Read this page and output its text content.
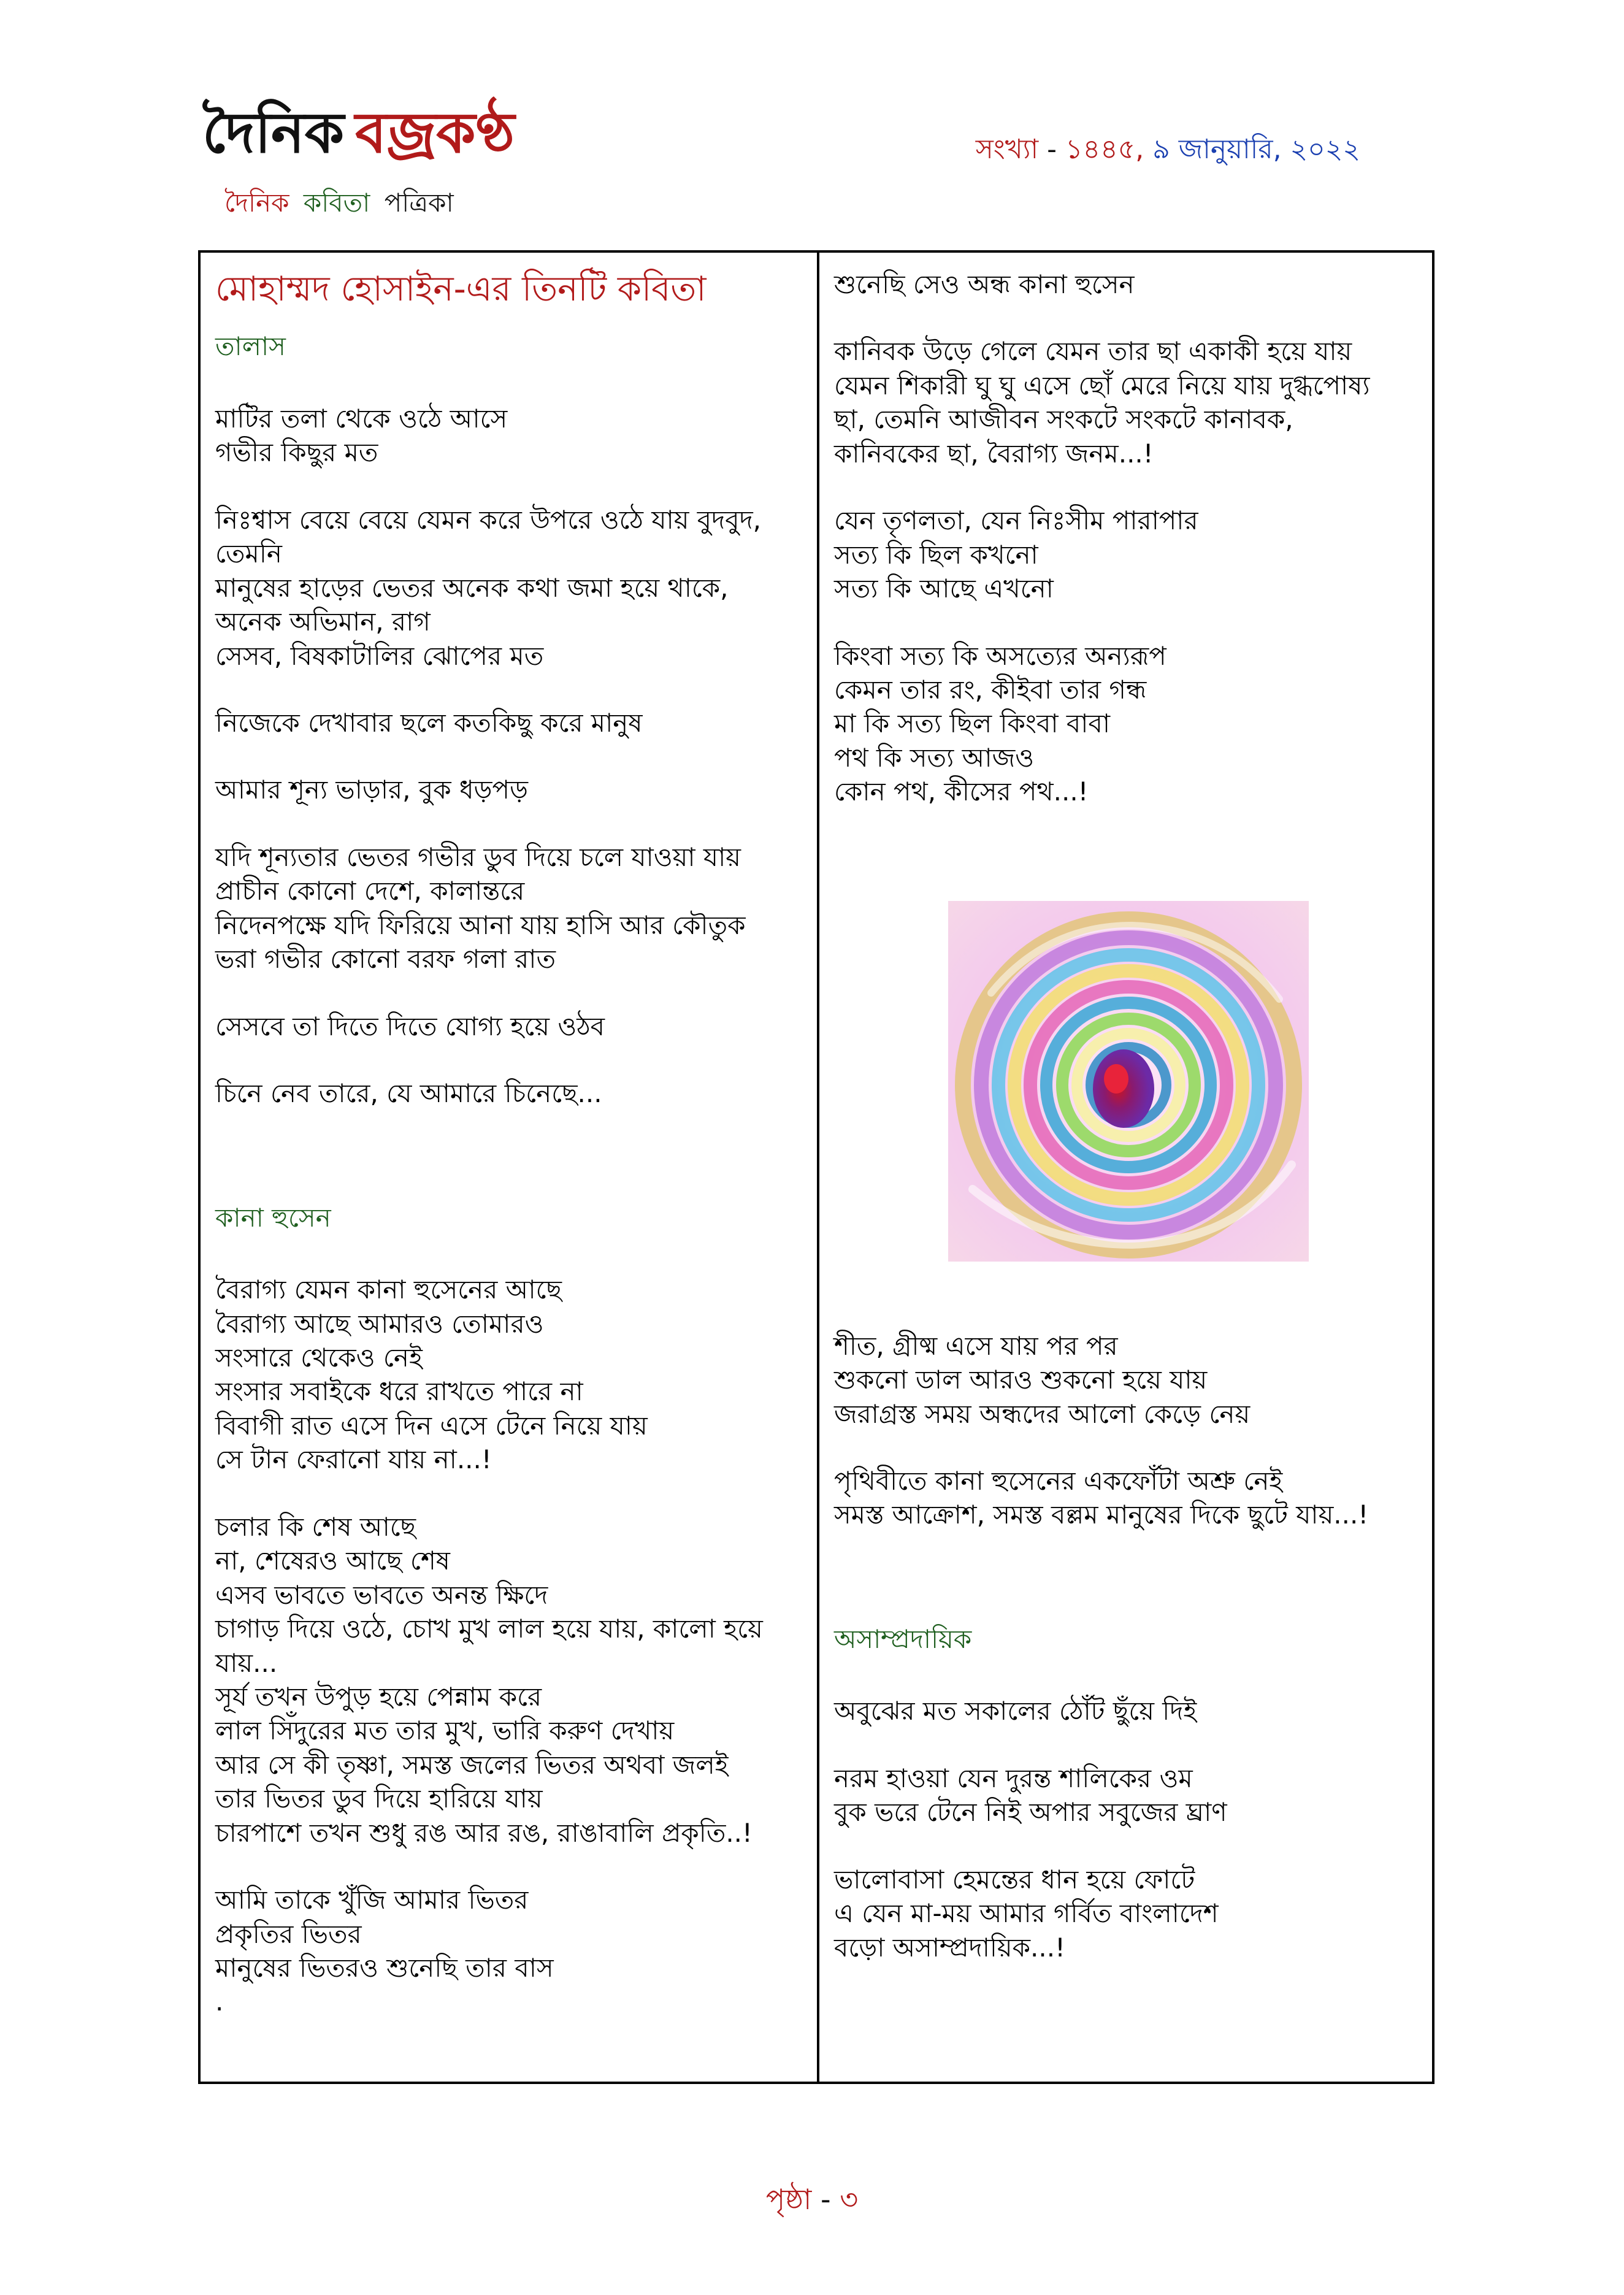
দৈনিক বজ্রকণ্ঠ
দৈনিক কবিতা পত্রিকা
সংখ্যা - ১৪৪৫, ৯ জানুয়ারি, ২০২২
মোহাম্মদ হোসাইন-এর তিনটি কবিতা
তালাস
মাটির তলা থেকে ওঠে আসে
গভীর কিছুর মত
নিঃশ্বাস বেয়ে বেয়ে যেমন করে উপরে ওঠে যায় বুদবুদ,
তেমনি
মানুষের হাড়ের ভেতর অনেক কথা জমা হয়ে থাকে,
অনেক অভিমান, রাগ
সেসব, বিষকাটালির ঝোপের মত
নিজেকে দেখাবার ছলে কতকিছু করে মানুষ
আমার শূন্য ভাড়ার, বুক ধড়পড়
যদি শূন্যতার ভেতর গভীর ডুব দিয়ে চলে যাওয়া যায়
প্রাচীন কোনো দেশে, কালান্তরে
নিদেনপক্ষে যদি ফিরিয়ে আনা যায় হাসি আর কৌতুক
ভরা গভীর কোনো বরফ গলা রাত
সেসবে তা দিতে দিতে যোগ্য হয়ে ওঠব
চিনে নেব তারে, যে আমারে চিনেছে...
কানা হুসেন
বৈরাগ্য যেমন কানা হুসেনের আছে
বৈরাগ্য আছে আমারও তোমারও
সংসারে থেকেও নেই
সংসার সবাইকে ধরে রাখতে পারে না
বিবাগী রাত এসে দিন এসে টেনে নিয়ে যায়
সে টান ফেরানো যায় না...!
চলার কি শেষ আছে
না, শেষেরও আছে শেষ
এসব ভাবতে ভাবতে অনন্ত ক্ষিদে
চাগাড় দিয়ে ওঠে, চোখ মুখ লাল হয়ে যায়, কালো হয়ে
যায়...
সূর্য তখন উপুড় হয়ে পেন্নাম করে
লাল সিঁদুরের মত তার মুখ, ভারি করুণ দেখায়
আর সে কী তৃষ্ণা, সমস্ত জলের ভিতর অথবা জলই
তার ভিতর ডুব দিয়ে হারিয়ে যায়
চারপাশে তখন শুধু রঙ আর রঙ, রাঙাবালি প্রকৃতি..!
আমি তাকে খুঁজি আমার ভিতর
প্রকৃতির ভিতর
মানুষের ভিতরও শুনেছি তার বাস
.
শুনেছি সেও অন্ধ কানা হুসেন
কানিবক উড়ে গেলে যেমন তার ছা একাকী হয়ে যায়
যেমন শিকারী ঘু ঘু এসে ছোঁ মেরে নিয়ে যায় দুগ্ধপোষ্য
ছা, তেমনি আজীবন সংকটে সংকটে কানাবক,
কানিবকের ছা, বৈরাগ্য জনম...!
যেন তৃণলতা, যেন নিঃসীম পারাপার
সত্য কি ছিল কখনো
সত্য কি আছে এখনো
কিংবা সত্য কি অসত্যের অন্যরূপ
কেমন তার রং, কীইবা তার গন্ধ
মা কি সত্য ছিল কিংবা বাবা
পথ কি সত্য আজও
কোন পথ, কীসের পথ...!
শীত, গ্রীষ্ম এসে যায় পর পর
শুকনো ডাল আরও শুকনো হয়ে যায়
জরাগ্রস্ত সময় অন্ধদের আলো কেড়ে নেয়
পৃথিবীতে কানা হুসেনের একফোঁটা অশ্রু নেই
সমস্ত আক্রোশ, সমস্ত বল্লম মানুষের দিকে ছুটে যায়...!
অসাম্প্রদায়িক
অবুঝের মত সকালের ঠোঁট ছুঁয়ে দিই
নরম হাওয়া যেন দুরন্ত শালিকের ওম
বুক ভরে টেনে নিই অপার সবুজের ঘ্রাণ
ভালোবাসা হেমন্তের ধান হয়ে ফোটে
এ যেন মা-ময় আমার গর্বিত বাংলাদেশ
বড়ো অসাম্প্রদায়িক...!
পৃষ্ঠা - ৩
